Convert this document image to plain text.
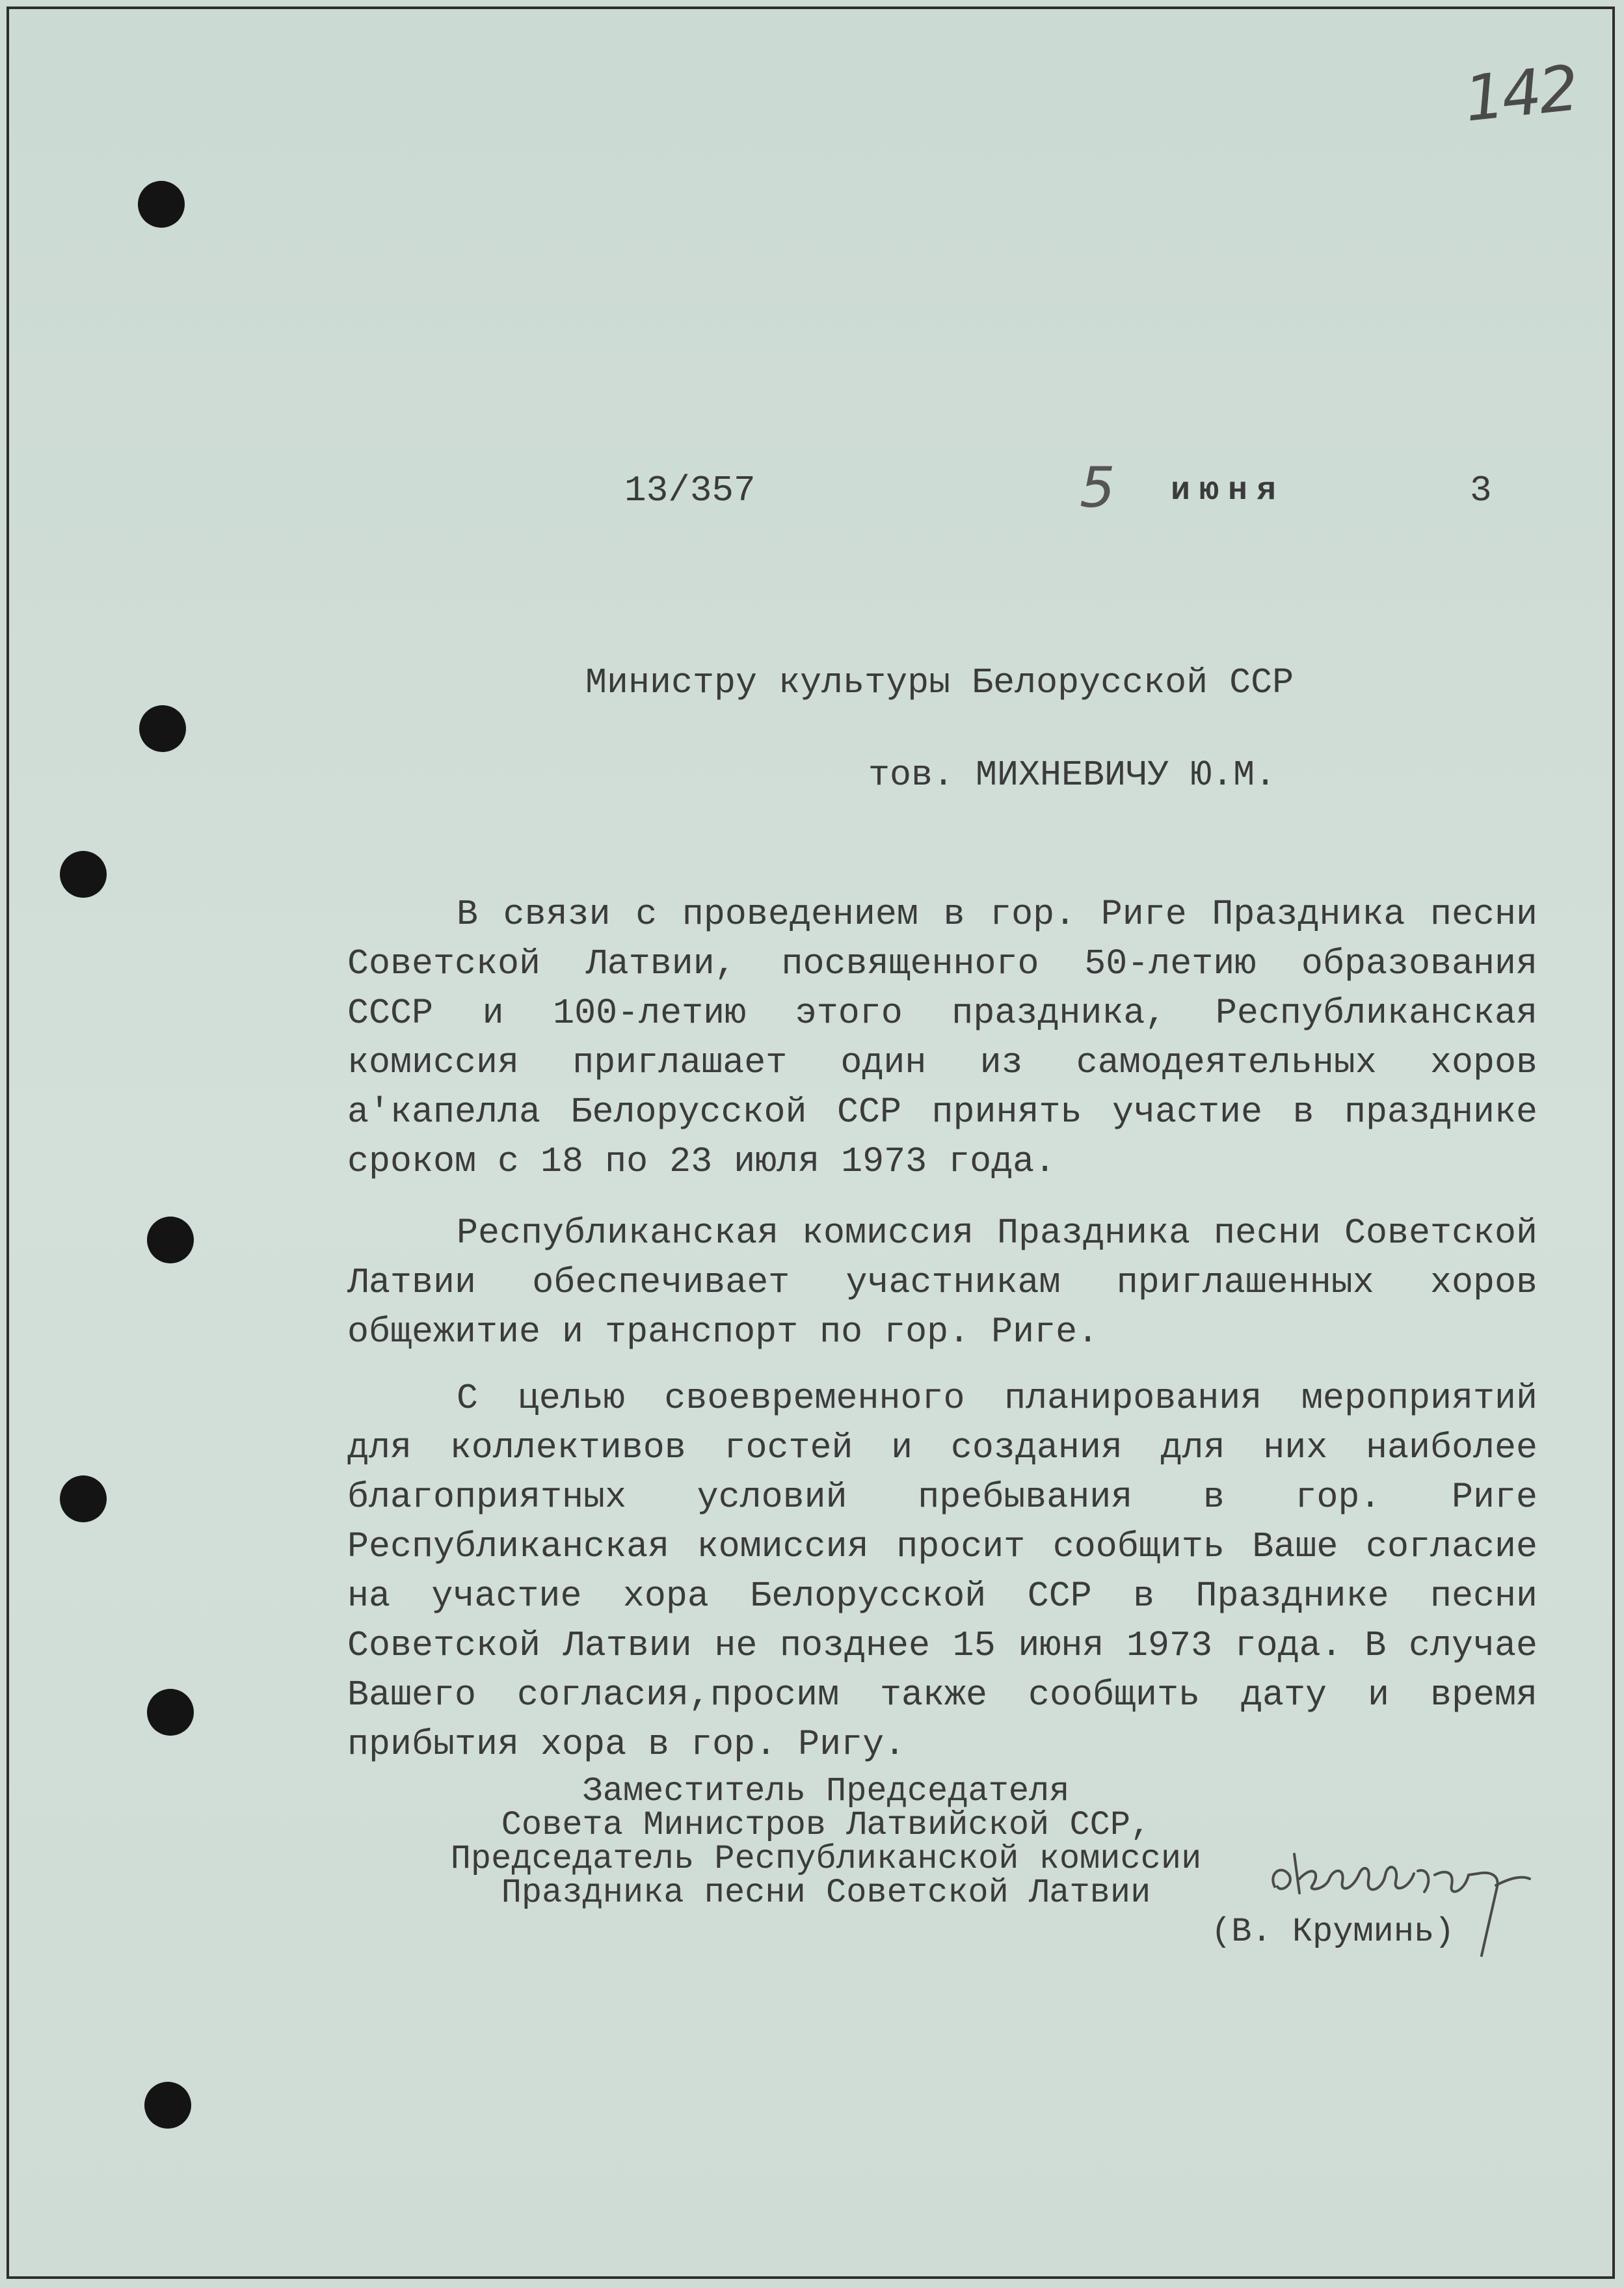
142
13/357	5 июня	3
Министру культуры Белорусской ССР
тов. МИХНЕВИЧУ Ю.М.

В связи с проведением в гор. Риге Праздника песни Советской Латвии, посвященного 50-летию образования СССР и 100-летию этого праздника, Республиканская комиссия приглашает один из самодеятельных хоров а'капелла Белорусской ССР принять участие в празднике сроком с 18 по 23 июля 1973 года.

Республиканская комиссия Праздника песни Советской Латвии обеспечивает участникам приглашенных хоров общежитие и транспорт по гор. Риге.

С целью своевременного планирования мероприятий для коллективов гостей и создания для них наиболее благоприятных условий пребывания в гор. Риге Республиканская комиссия просит сообщить Ваше согласие на участие хора Белорусской ССР в Празднике песни Советской Латвии не позднее 15 июня 1973 года. В случае Вашего согласия,просим также сообщить дату и время прибытия хора в гор. Ригу.

Заместитель Председателя
Совета Министров Латвийской ССР,
Председатель Республиканской комиссии
Праздника песни Советской Латвии
(В. Круминь)
